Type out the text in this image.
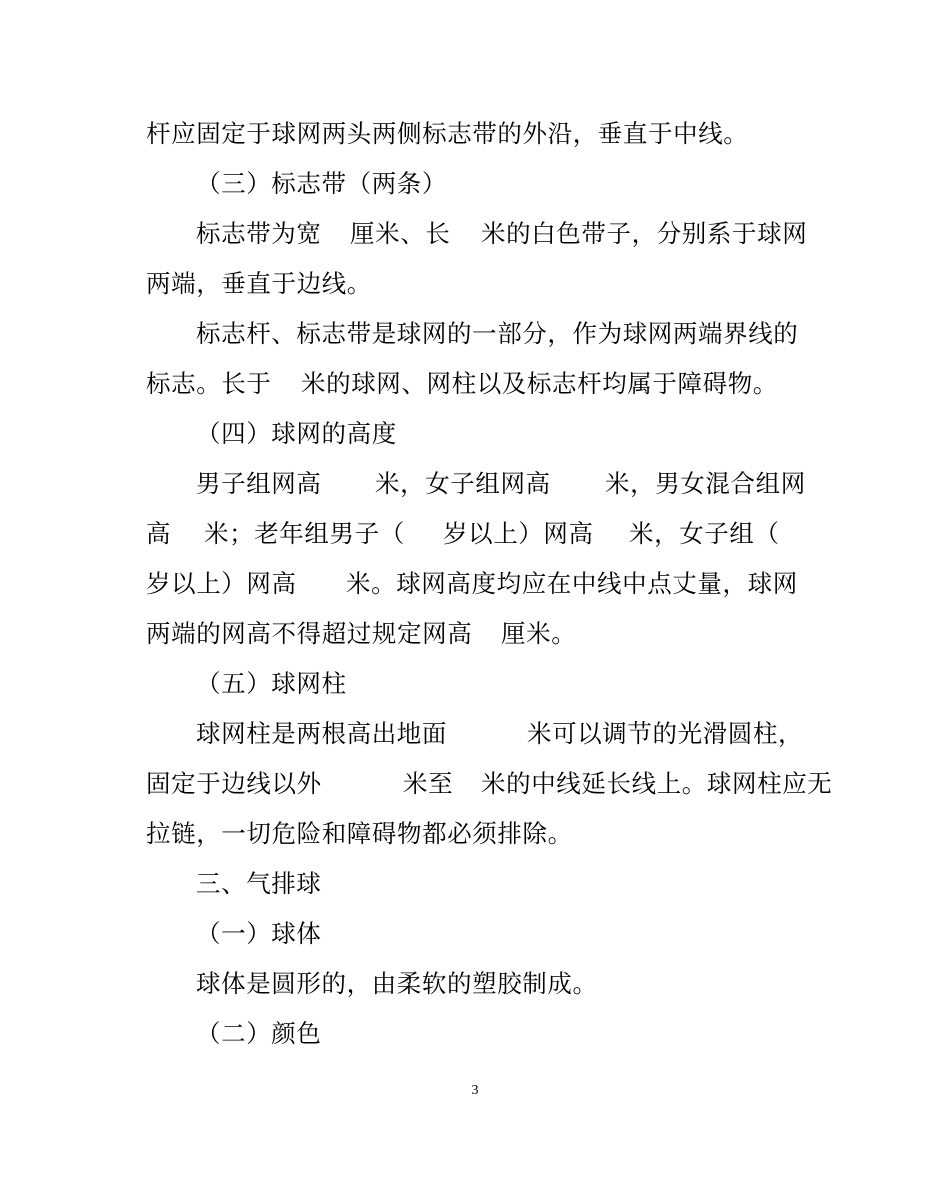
杆应固定于球网两头两侧标志带的外沿，垂直于中线。

（三）标志带（两条）

标志带为宽

厘米、长

米的白色带子，分别系于球网

两端，垂直于边线。

标志杆、标志带是球网的一部分，作为球网两端界线的

标志。长于

米的球网、网柱以及标志杆均属于障碍物。

（四）球网的高度

男子组网高

米，女子组网高

米，男女混合组网

高

米；老年组男子（

岁以上）网高

米，女子组（

岁以上）网高

米。球网高度均应在中线中点丈量，球网

两端的网高不得超过规定网高

厘米。

（五）球网柱

球网柱是两根高出地面

	米可以调节的光滑圆柱，

固定于边线以外

	米至

米的中线延长线上。球网柱应无

拉链，一切危险和障碍物都必须排除。

三、气排球

（一）球体

球体是圆形的，由柔软的塑胶制成。

（二）颜色

3
